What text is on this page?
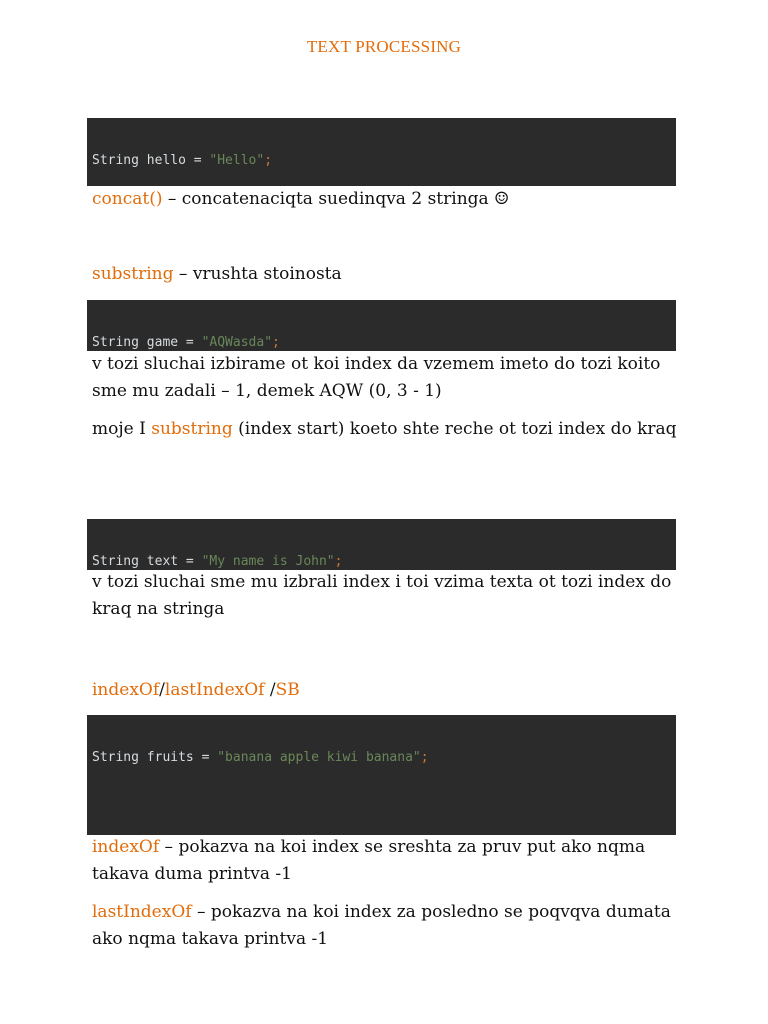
TEXT PROCESSING

String hello = "Hello";

concat() – concatenaciqta suedinqva 2 stringa ☺
substring – vrushta stoinosta

String game = "AQWasda";

v tozi sluchai izbirame ot koi index da vzemem imeto do tozi koito sme mu zadali – 1, demek AQW (0, 3 - 1)
moje I substring (index start) koeto shte reche ot tozi index do kraq

String text = "My name is John";

v tozi sluchai sme mu izbrali index i toi vzima texta ot tozi index do kraq na stringa
indexOf/lastIndexOf /SB

String fruits = "banana apple kiwi banana";

indexOf – pokazva na koi index se sreshta za pruv put ako nqma takava duma printva -1
lastIndexOf – pokazva na koi index za posledno se poqvqva dumata ako nqma takava printva -1
